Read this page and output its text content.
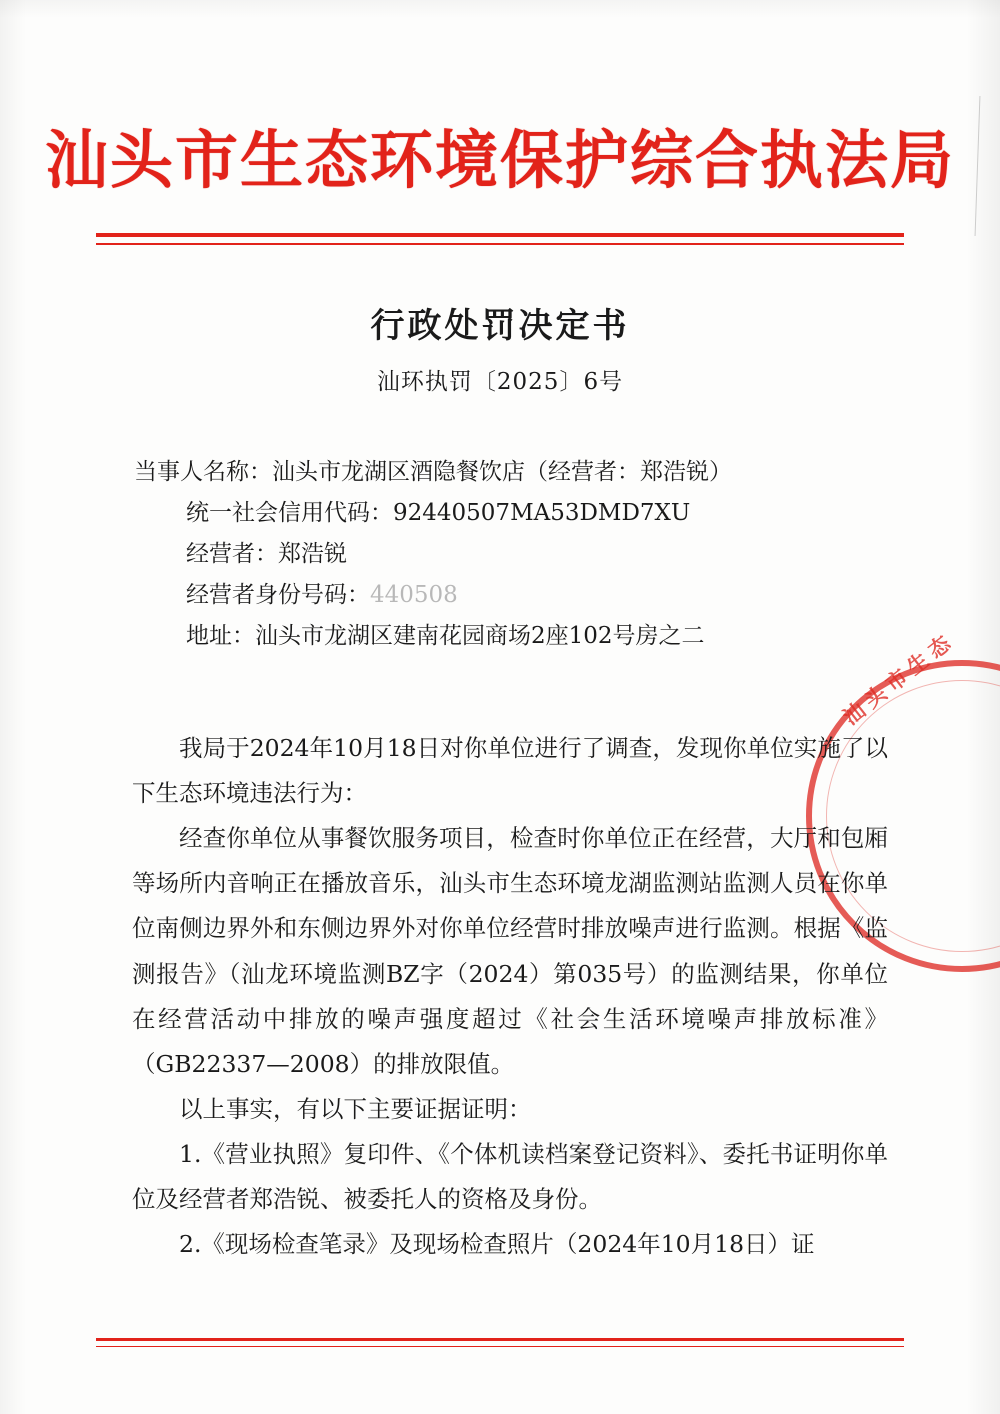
汕头市生态环境保护综合执法局
行政处罚决定书
汕环执罚〔2025〕6号
当事人名称：汕头市龙湖区酒隐餐饮店（经营者：郑浩锐）
统一社会信用代码：92440507MA53DMD7XU
经营者：郑浩锐
经营者身份号码：440508
地址：汕头市龙湖区建南花园商场2座102号房之二	汕头市生态

我局于2024年10月18日对你单位进行了调查，发现你单位实施了以下生态环境违法行为：

经查你单位从事餐饮服务项目，检查时你单位正在经营，大厅和包厢等场所内音响正在播放音乐，汕头市生态环境龙湖监测站监测人员在你单位南侧边界外和东侧边界外对你单位经营时排放噪声进行监测。根据《监测报告》（汕龙环境监测BZ字（2024）第035号）的监测结果，你单位在经营活动中排放的噪声强度超过《社会生活环境噪声排放标准》（GB22337—2008）的排放限值。

以上事实，有以下主要证据证明：

1.《营业执照》复印件、《个体机读档案登记资料》、委托书证明你单位及经营者郑浩锐、被委托人的资格及身份。

2.《现场检查笔录》及现场检查照片（2024年10月18日）证
